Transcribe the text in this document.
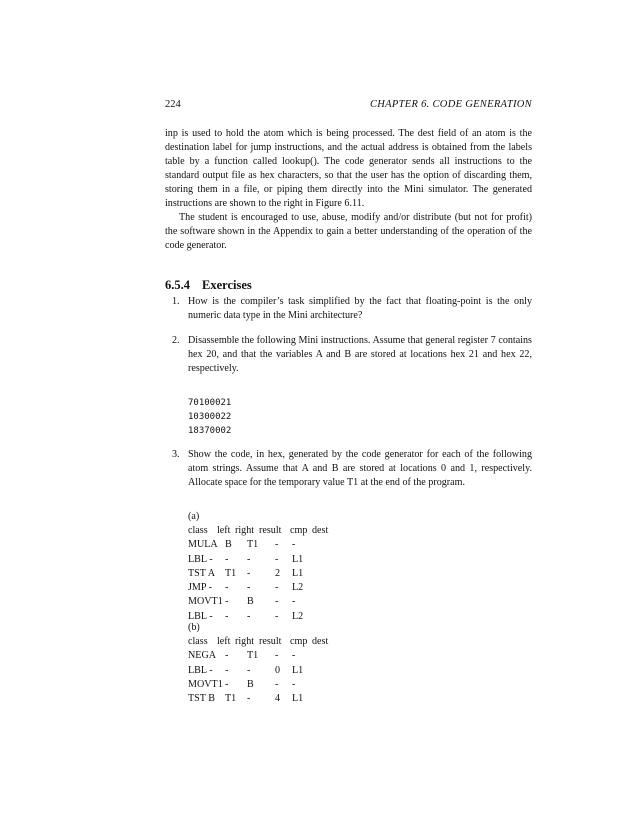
224	CHAPTER 6. CODE GENERATION

inp is used to hold the atom which is being processed. The dest field of an atom is the destination label for jump instructions, and the actual address is obtained from the labels table by a function called lookup(). The code generator sends all instructions to the standard output file as hex characters, so that the user has the option of discarding them, storing them in a file, or piping them directly into the Mini simulator. The generated instructions are shown to the right in Figure 6.11.

The student is encouraged to use, abuse, modify and/or distribute (but not for profit) the software shown in the Appendix to gain a better understanding of the operation of the code generator.

6.5.4 Exercises
1. How is the compiler’s task simplified by the fact that floating-point is the only numeric data type in the Mini architecture?
2. Disassemble the following Mini instructions. Assume that general register 7 contains hex 20, and that the variables A and B are stored at locations hex 21 and hex 22, respectively.
3. Show the code, in hex, generated by the code generator for each of the following atom strings. Assume that A and B are stored at locations 0 and 1, respectively. Allocate space for the temporary value T1 at the end of the program.
70100021
10300022
18370002
(a)
class left right result cmp dest
MULA B T1 - -
LBL - - - - L1
TST A T1 - 2 L1
JMP - - - - L2
MOVT1 - B - -
LBL - - - - L2
(b)
class left right result cmp dest
NEGA - T1 - -
LBL - - - 0 L1
MOVT1 - B - -
TST B T1 - 4 L1
